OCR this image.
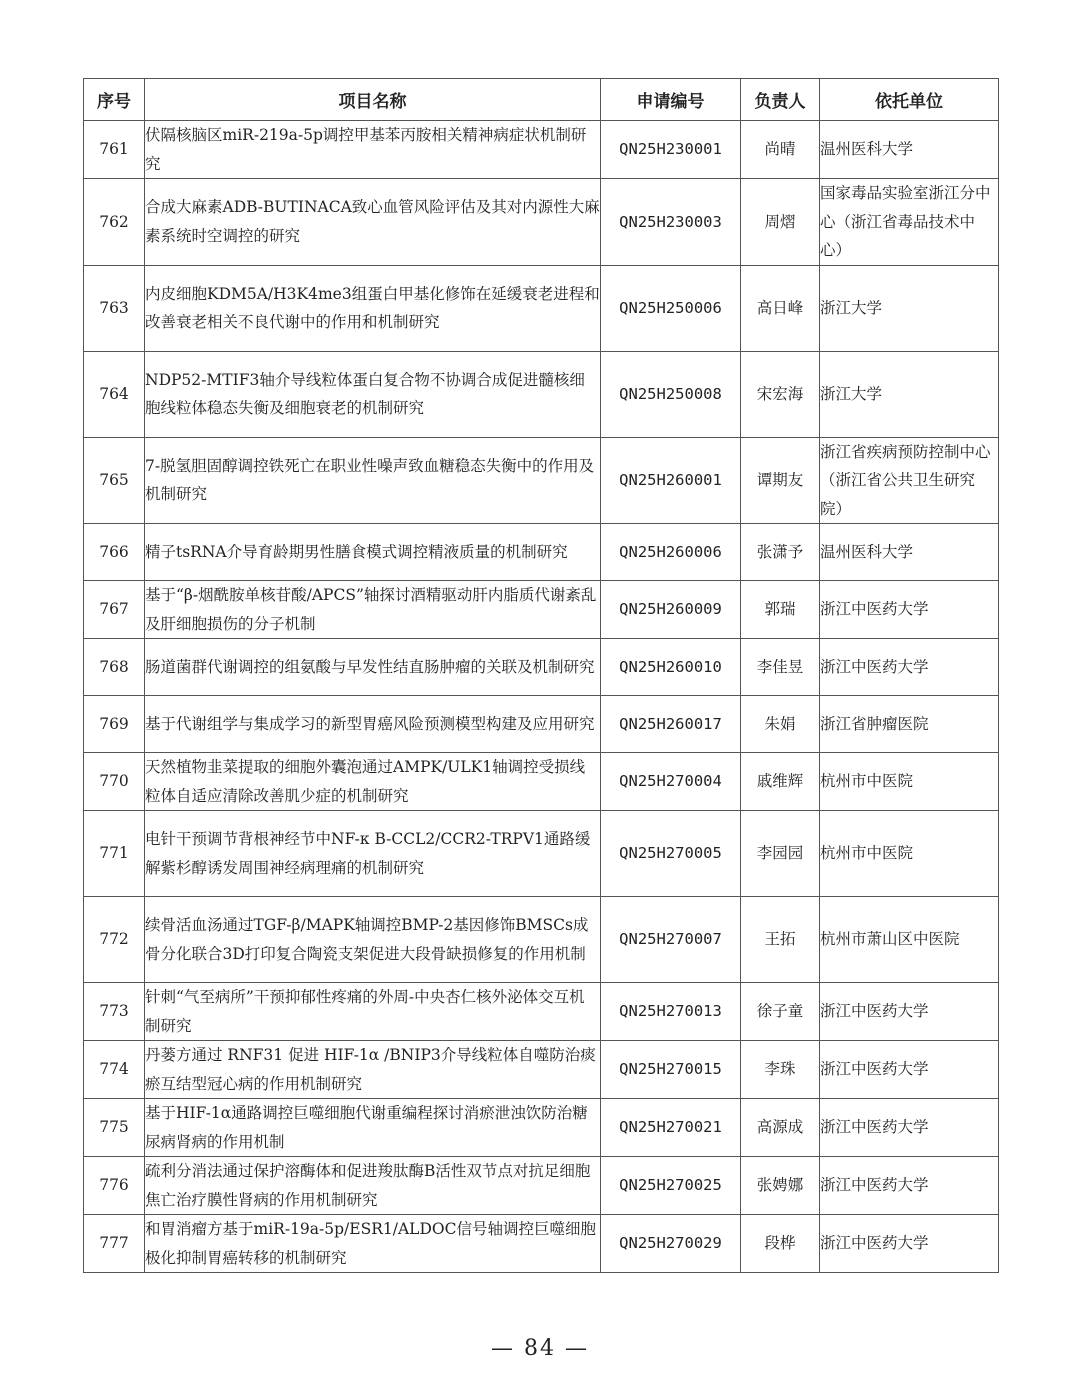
序号	项目名称	申请编号	负责人	依托单位
761	伏隔核脑区miR-219a-5p调控甲基苯丙胺相关精神病症状机制研究	QN25H230001	尚晴	温州医科大学
762	合成大麻素ADB-BUTINACA致心血管风险评估及其对内源性大麻素系统时空调控的研究	QN25H230003	周熠	国家毒品实验室浙江分中心（浙江省毒品技术中心）
763	内皮细胞KDM5A/H3K4me3组蛋白甲基化修饰在延缓衰老进程和改善衰老相关不良代谢中的作用和机制研究	QN25H250006	高日峰	浙江大学
764	NDP52-MTIF3轴介导线粒体蛋白复合物不协调合成促进髓核细胞线粒体稳态失衡及细胞衰老的机制研究	QN25H250008	宋宏海	浙江大学
765	7-脱氢胆固醇调控铁死亡在职业性噪声致血糖稳态失衡中的作用及机制研究	QN25H260001	谭期友	浙江省疾病预防控制中心（浙江省公共卫生研究院）
766	精子tsRNA介导育龄期男性膳食模式调控精液质量的机制研究	QN25H260006	张潇予	温州医科大学
767	基于“β-烟酰胺单核苷酸/APCS”轴探讨酒精驱动肝内脂质代谢紊乱及肝细胞损伤的分子机制	QN25H260009	郭瑞	浙江中医药大学
768	肠道菌群代谢调控的组氨酸与早发性结直肠肿瘤的关联及机制研究	QN25H260010	李佳昱	浙江中医药大学
769	基于代谢组学与集成学习的新型胃癌风险预测模型构建及应用研究	QN25H260017	朱娟	浙江省肿瘤医院
770	天然植物韭菜提取的细胞外囊泡通过AMPK/ULK1轴调控受损线粒体自适应清除改善肌少症的机制研究	QN25H270004	戚维辉	杭州市中医院
771	电针干预调节背根神经节中NF-κ B-CCL2/CCR2-TRPV1通路缓解紫杉醇诱发周围神经病理痛的机制研究	QN25H270005	李园园	杭州市中医院
772	续骨活血汤通过TGF-β/MAPK轴调控BMP-2基因修饰BMSCs成骨分化联合3D打印复合陶瓷支架促进大段骨缺损修复的作用机制	QN25H270007	王拓	杭州市萧山区中医院
773	针刺“气至病所”干预抑郁性疼痛的外周-中央杏仁核外泌体交互机制研究	QN25H270013	徐子童	浙江中医药大学
774	丹蒌方通过 RNF31 促进 HIF-1α /BNIP3介导线粒体自噬防治痰瘀互结型冠心病的作用机制研究	QN25H270015	李珠	浙江中医药大学
775	基于HIF-1α通路调控巨噬细胞代谢重编程探讨消瘀泄浊饮防治糖尿病肾病的作用机制	QN25H270021	高源成	浙江中医药大学
776	疏利分消法通过保护溶酶体和促进羧肽酶B活性双节点对抗足细胞焦亡治疗膜性肾病的作用机制研究	QN25H270025	张娉娜	浙江中医药大学
777	和胃消瘤方基于miR-19a-5p/ESR1/ALDOC信号轴调控巨噬细胞极化抑制胃癌转移的机制研究	QN25H270029	段桦	浙江中医药大学
— 84 —
